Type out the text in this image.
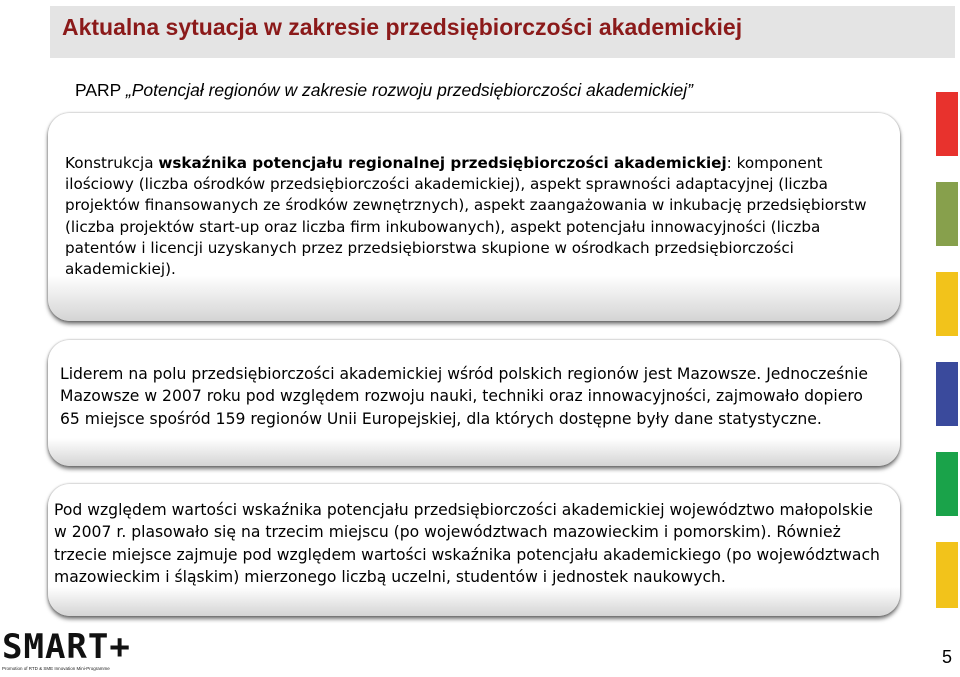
Aktualna sytuacja w zakresie przedsiębiorczości akademickiej
PARP „Potencjał regionów w zakresie rozwoju przedsiębiorczości akademickiej”

Konstrukcja wskaźnika potencjału regionalnej przedsiębiorczości akademickiej: komponent ilościowy (liczba ośrodków przedsiębiorczości akademickiej), aspekt sprawności adaptacyjnej (liczba projektów finansowanych ze środków zewnętrznych), aspekt zaangażowania w inkubację przedsiębiorstw (liczba projektów start-up oraz liczba firm inkubowanych), aspekt potencjału innowacyjności (liczba patentów i licencji uzyskanych przez przedsiębiorstwa skupione w ośrodkach przedsiębiorczości akademickiej).

Liderem na polu przedsiębiorczości akademickiej wśród polskich regionów jest Mazowsze. Jednocześnie Mazowsze w 2007 roku pod względem rozwoju nauki, techniki oraz innowacyjności, zajmowało dopiero 65 miejsce spośród 159 regionów Unii Europejskiej, dla których dostępne były dane statystyczne.

Pod względem wartości wskaźnika potencjału przedsiębiorczości akademickiej województwo małopolskie w 2007 r. plasowało się na trzecim miejscu (po województwach mazowieckim i pomorskim). Również trzecie miejsce zajmuje pod względem wartości wskaźnika potencjału akademickiego (po województwach mazowieckim i śląskim) mierzonego liczbą uczelni, studentów i jednostek naukowych.

SMART+
Promotion of RTD & SME Innovation Mini-Programme
5
